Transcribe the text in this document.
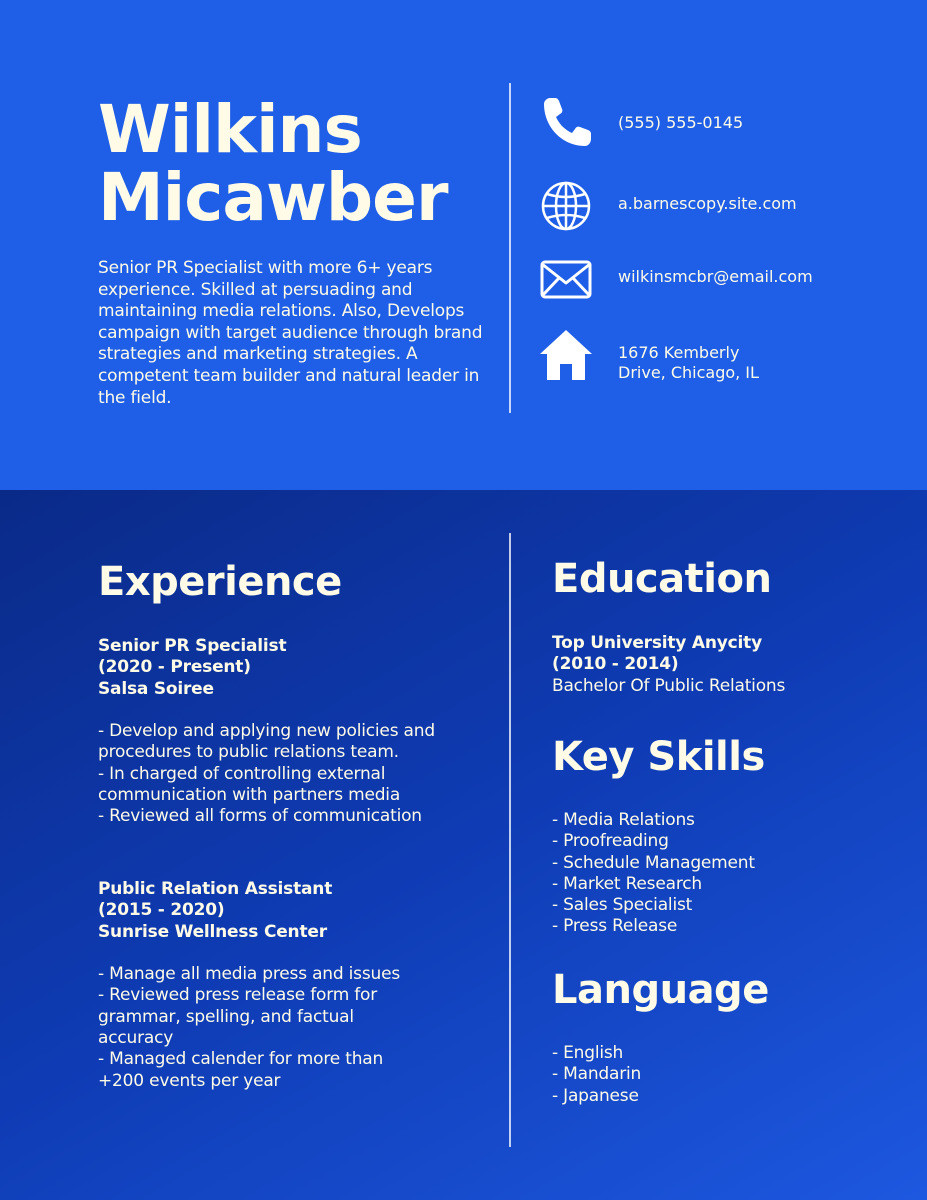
Wilkins
Micawber

Senior PR Specialist with more 6+ years experience. Skilled at persuading and maintaining media relations. Also, Develops campaign with target audience through brand strategies and marketing strategies. A competent team builder and natural leader in the field.

(555) 555-0145
a.barnescopy.site.com
wilkinsmcbr@email.com
1676 Kemberly
Drive, Chicago, IL
Experience
Senior PR Specialist
(2020 - Present)
Salsa Soiree

- Develop and applying new policies and
procedures to public relations team.
- In charged of controlling external
communication with partners media
- Reviewed all forms of communication
Public Relation Assistant
(2015 - 2020)
Sunrise Wellness Center

- Manage all media press and issues
- Reviewed press release form for
grammar, spelling, and factual
accuracy
- Managed calender for more than
+200 events per year
Education
Top University Anycity
(2010 - 2014)
Bachelor Of Public Relations
Key Skills
- Media Relations
- Proofreading
- Schedule Management
- Market Research
- Sales Specialist
- Press Release
Language
- English
- Mandarin
- Japanese
